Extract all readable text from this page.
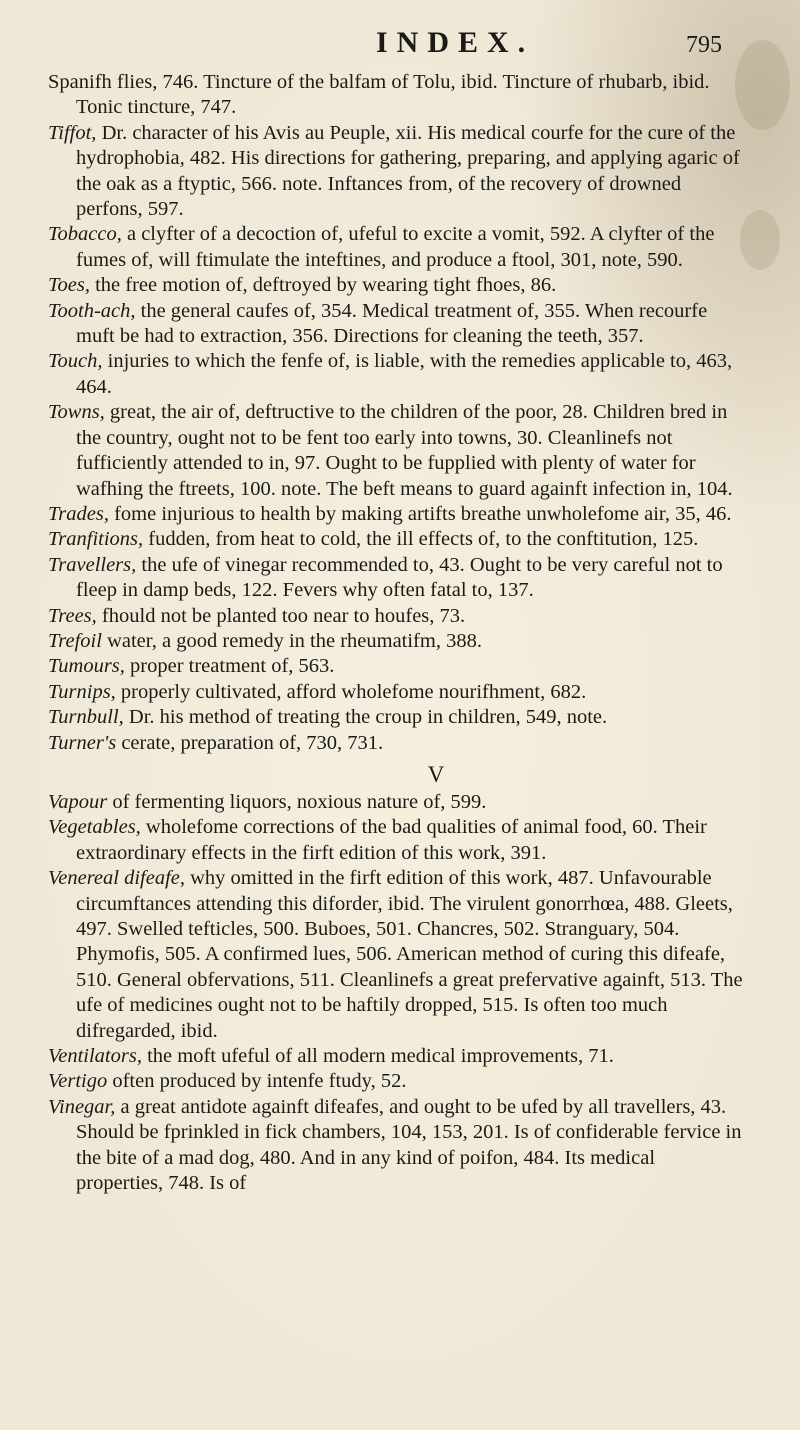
INDEX.	795

Spanifh flies, 746. Tincture of the balfam of Tolu, ibid. Tincture of rhubarb, ibid. Tonic tincture, 747.

Tiffot, Dr. character of his Avis au Peuple, xii. His medical courfe for the cure of the hydrophobia, 482. His directions for gathering, preparing, and applying agaric of the oak as a ftyptic, 566. note. Inftances from, of the recovery of drowned perfons, 597.

Tobacco, a clyfter of a decoction of, ufeful to excite a vomit, 592. A clyfter of the fumes of, will ftimulate the inteftines, and produce a ftool, 301, note, 590.

Toes, the free motion of, deftroyed by wearing tight fhoes, 86.

Tooth-ach, the general caufes of, 354. Medical treatment of, 355. When recourfe muft be had to extraction, 356. Directions for cleaning the teeth, 357.

Touch, injuries to which the fenfe of, is liable, with the remedies applicable to, 463, 464.

Towns, great, the air of, deftructive to the children of the poor, 28. Children bred in the country, ought not to be fent too early into towns, 30. Cleanlinefs not fufficiently attended to in, 97. Ought to be fupplied with plenty of water for wafhing the ftreets, 100. note. The beft means to guard againft infection in, 104.

Trades, fome injurious to health by making artifts breathe unwholefome air, 35, 46.

Tranfitions, fudden, from heat to cold, the ill effects of, to the conftitution, 125.

Travellers, the ufe of vinegar recommended to, 43. Ought to be very careful not to fleep in damp beds, 122. Fevers why often fatal to, 137.

Trees, fhould not be planted too near to houfes, 73.

Trefoil water, a good remedy in the rheumatifm, 388.

Tumours, proper treatment of, 563.

Turnips, properly cultivated, afford wholefome nourifhment, 682.

Turnbull, Dr. his method of treating the croup in children, 549, note.

Turner's cerate, preparation of, 730, 731.

V

Vapour of fermenting liquors, noxious nature of, 599.

Vegetables, wholefome corrections of the bad qualities of animal food, 60. Their extraordinary effects in the firft edition of this work, 391.

Venereal difeafe, why omitted in the firft edition of this work, 487. Unfavourable circumftances attending this diforder, ibid. The virulent gonorrhœa, 488. Gleets, 497. Swelled tefticles, 500. Buboes, 501. Chancres, 502. Stranguary, 504. Phymofis, 505. A confirmed lues, 506. American method of curing this difeafe, 510. General obfervations, 511. Cleanlinefs a great prefervative againft, 513. The ufe of medicines ought not to be haftily dropped, 515. Is often too much difregarded, ibid.

Ventilators, the moft ufeful of all modern medical improvements, 71.

Vertigo often produced by intenfe ftudy, 52.

Vinegar, a great antidote againft difeafes, and ought to be ufed by all travellers, 43. Should be fprinkled in fick chambers, 104, 153, 201. Is of confiderable fervice in the bite of a mad dog, 480. And in any kind of poifon, 484. Its medical properties, 748. Is of
